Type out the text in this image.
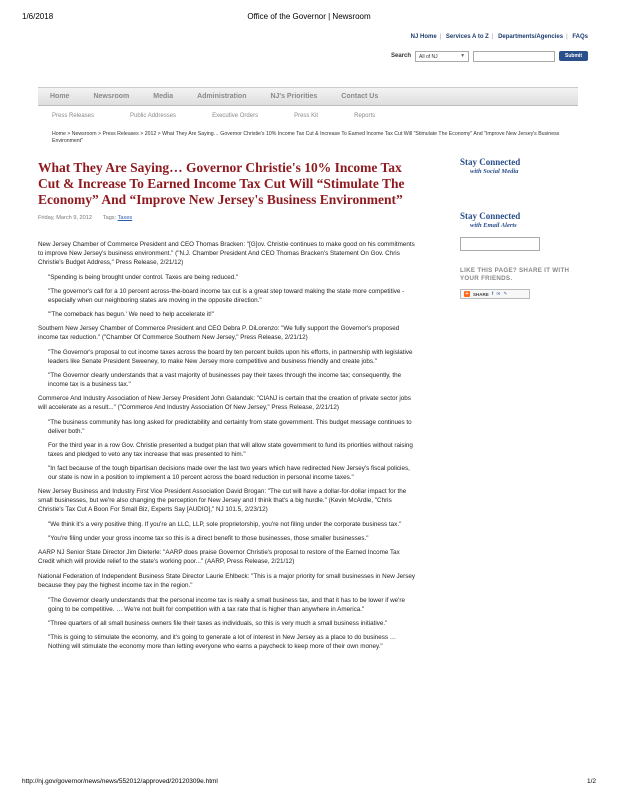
1/6/2018	Office of the Governor | Newsroom
NJ Home | Services A to Z | Departments/Agencies | FAQs
Search	All of NJ	▼	Submit
Home	Newsroom	Media	Administration	NJ's Priorities	Contact Us
Press Releases	Public Addresses	Executive Orders	Press Kit	Reports
Home > Newsroom > Press Releases > 2012 > What They Are Saying… Governor Christie's 10% Income Tax Cut & Increase To Earned Income Tax Cut Will "Stimulate The Economy" And "Improve New Jersey's Business Environment"
What They Are Saying… Governor Christie's 10% Income Tax Cut & Increase To Earned Income Tax Cut Will “Stimulate The Economy” And “Improve New Jersey's Business Environment”
Friday, March 9, 2012 Tags: Taxes

New Jersey Chamber of Commerce President and CEO Thomas Bracken: "[G]ov. Christie continues to make good on his commitments to improve New Jersey's business environment." ("N.J. Chamber President And CEO Thomas Bracken's Statement On Gov. Chris Christie's Budget Address," Press Release, 2/21/12)

"Spending is being brought under control. Taxes are being reduced."

"The governor's call for a 10 percent across-the-board income tax cut is a great step toward making the state more competitive - especially when our neighboring states are moving in the opposite direction."

"'The comeback has begun.' We need to help accelerate it!"

Southern New Jersey Chamber of Commerce President and CEO Debra P. DiLorenzo: "We fully support the Governor's proposed income tax reduction." ("Chamber Of Commerce Southern New Jersey," Press Release, 2/21/12)

"The Governor's proposal to cut income taxes across the board by ten percent builds upon his efforts, in partnership with legislative leaders like Senate President Sweeney, to make New Jersey more competitive and business friendly and create jobs."

"The Governor clearly understands that a vast majority of businesses pay their taxes through the income tax; consequently, the income tax is a business tax."

Commerce And Industry Association of New Jersey President John Galandak: "CIANJ is certain that the creation of private sector jobs will accelerate as a result..." ("Commerce And Industry Association Of New Jersey," Press Release, 2/21/12)

"The business community has long asked for predictability and certainty from state government. This budget message continues to deliver both."

For the third year in a row Gov. Christie presented a budget plan that will allow state government to fund its priorities without raising taxes and pledged to veto any tax increase that was presented to him."

"In fact because of the tough bipartisan decisions made over the last two years which have redirected New Jersey's fiscal policies, our state is now in a position to implement a 10 percent across the board reduction in personal income taxes."

New Jersey Business and Industry First Vice President Association David Brogan: "The cut will have a dollar-for-dollar impact for the small businesses, but we're also changing the perception for New Jersey and I think that's a big hurdle." (Kevin McArdle, "Chris Christie's Tax Cut A Boon For Small Biz, Experts Say [AUDIO]," NJ 101.5, 2/23/12)

"We think it's a very positive thing. If you're an LLC, LLP, sole proprietorship, you're not filing under the corporate business tax."

"You're filing under your gross income tax so this is a direct benefit to those businesses, those smaller businesses."

AARP NJ Senior State Director Jim Dieterle: "AARP does praise Governor Christie's proposal to restore of the Earned Income Tax Credit which will provide relief to the state's working poor..." (AARP, Press Release, 2/21/12)

National Federation of Independent Business State Director Laurie Ehlbeck: "This is a major priority for small businesses in New Jersey because they pay the highest income tax in the region."

"The Governor clearly understands that the personal income tax is really a small business tax, and that it has to be lower if we're going to be competitive. … We're not built for competition with a tax rate that is higher than anywhere in America."

"Three quarters of all small business owners file their taxes as individuals, so this is very much a small business initiative."

"This is going to stimulate the economy, and it's going to generate a lot of interest in New Jersey as a place to do business … Nothing will stimulate the economy more than letting everyone who earns a paycheck to keep more of their own money."

Stay Connected
with Social Media
Stay Connected
with Email Alerts
LIKE THIS PAGE? SHARE IT WITH YOUR FRIENDS.
+	SHARE f ✉ ✎
http://nj.gov/governor/news/news/552012/approved/20120309e.html	1/2
